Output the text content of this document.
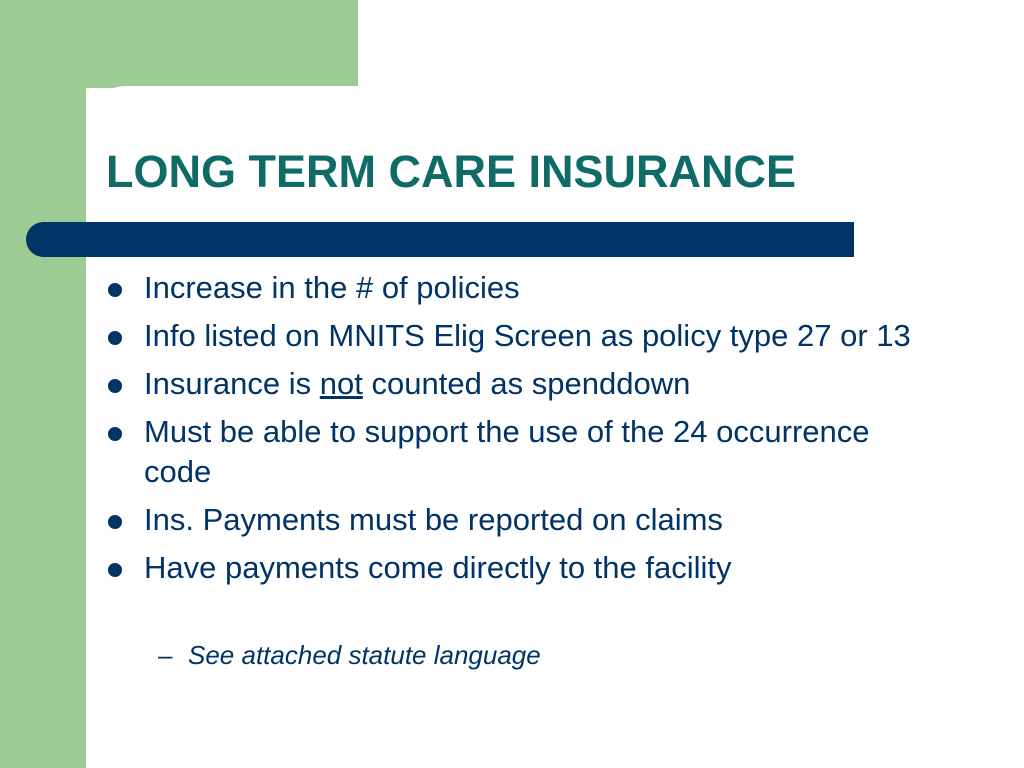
LONG TERM CARE INSURANCE
Increase in the # of policies
Info listed on MNITS Elig Screen as policy type 27 or 13
Insurance is not counted as spenddown
Must be able to support the use of the 24 occurrence code
Ins. Payments must be reported on claims
Have payments come directly to the facility
– See attached statute language
